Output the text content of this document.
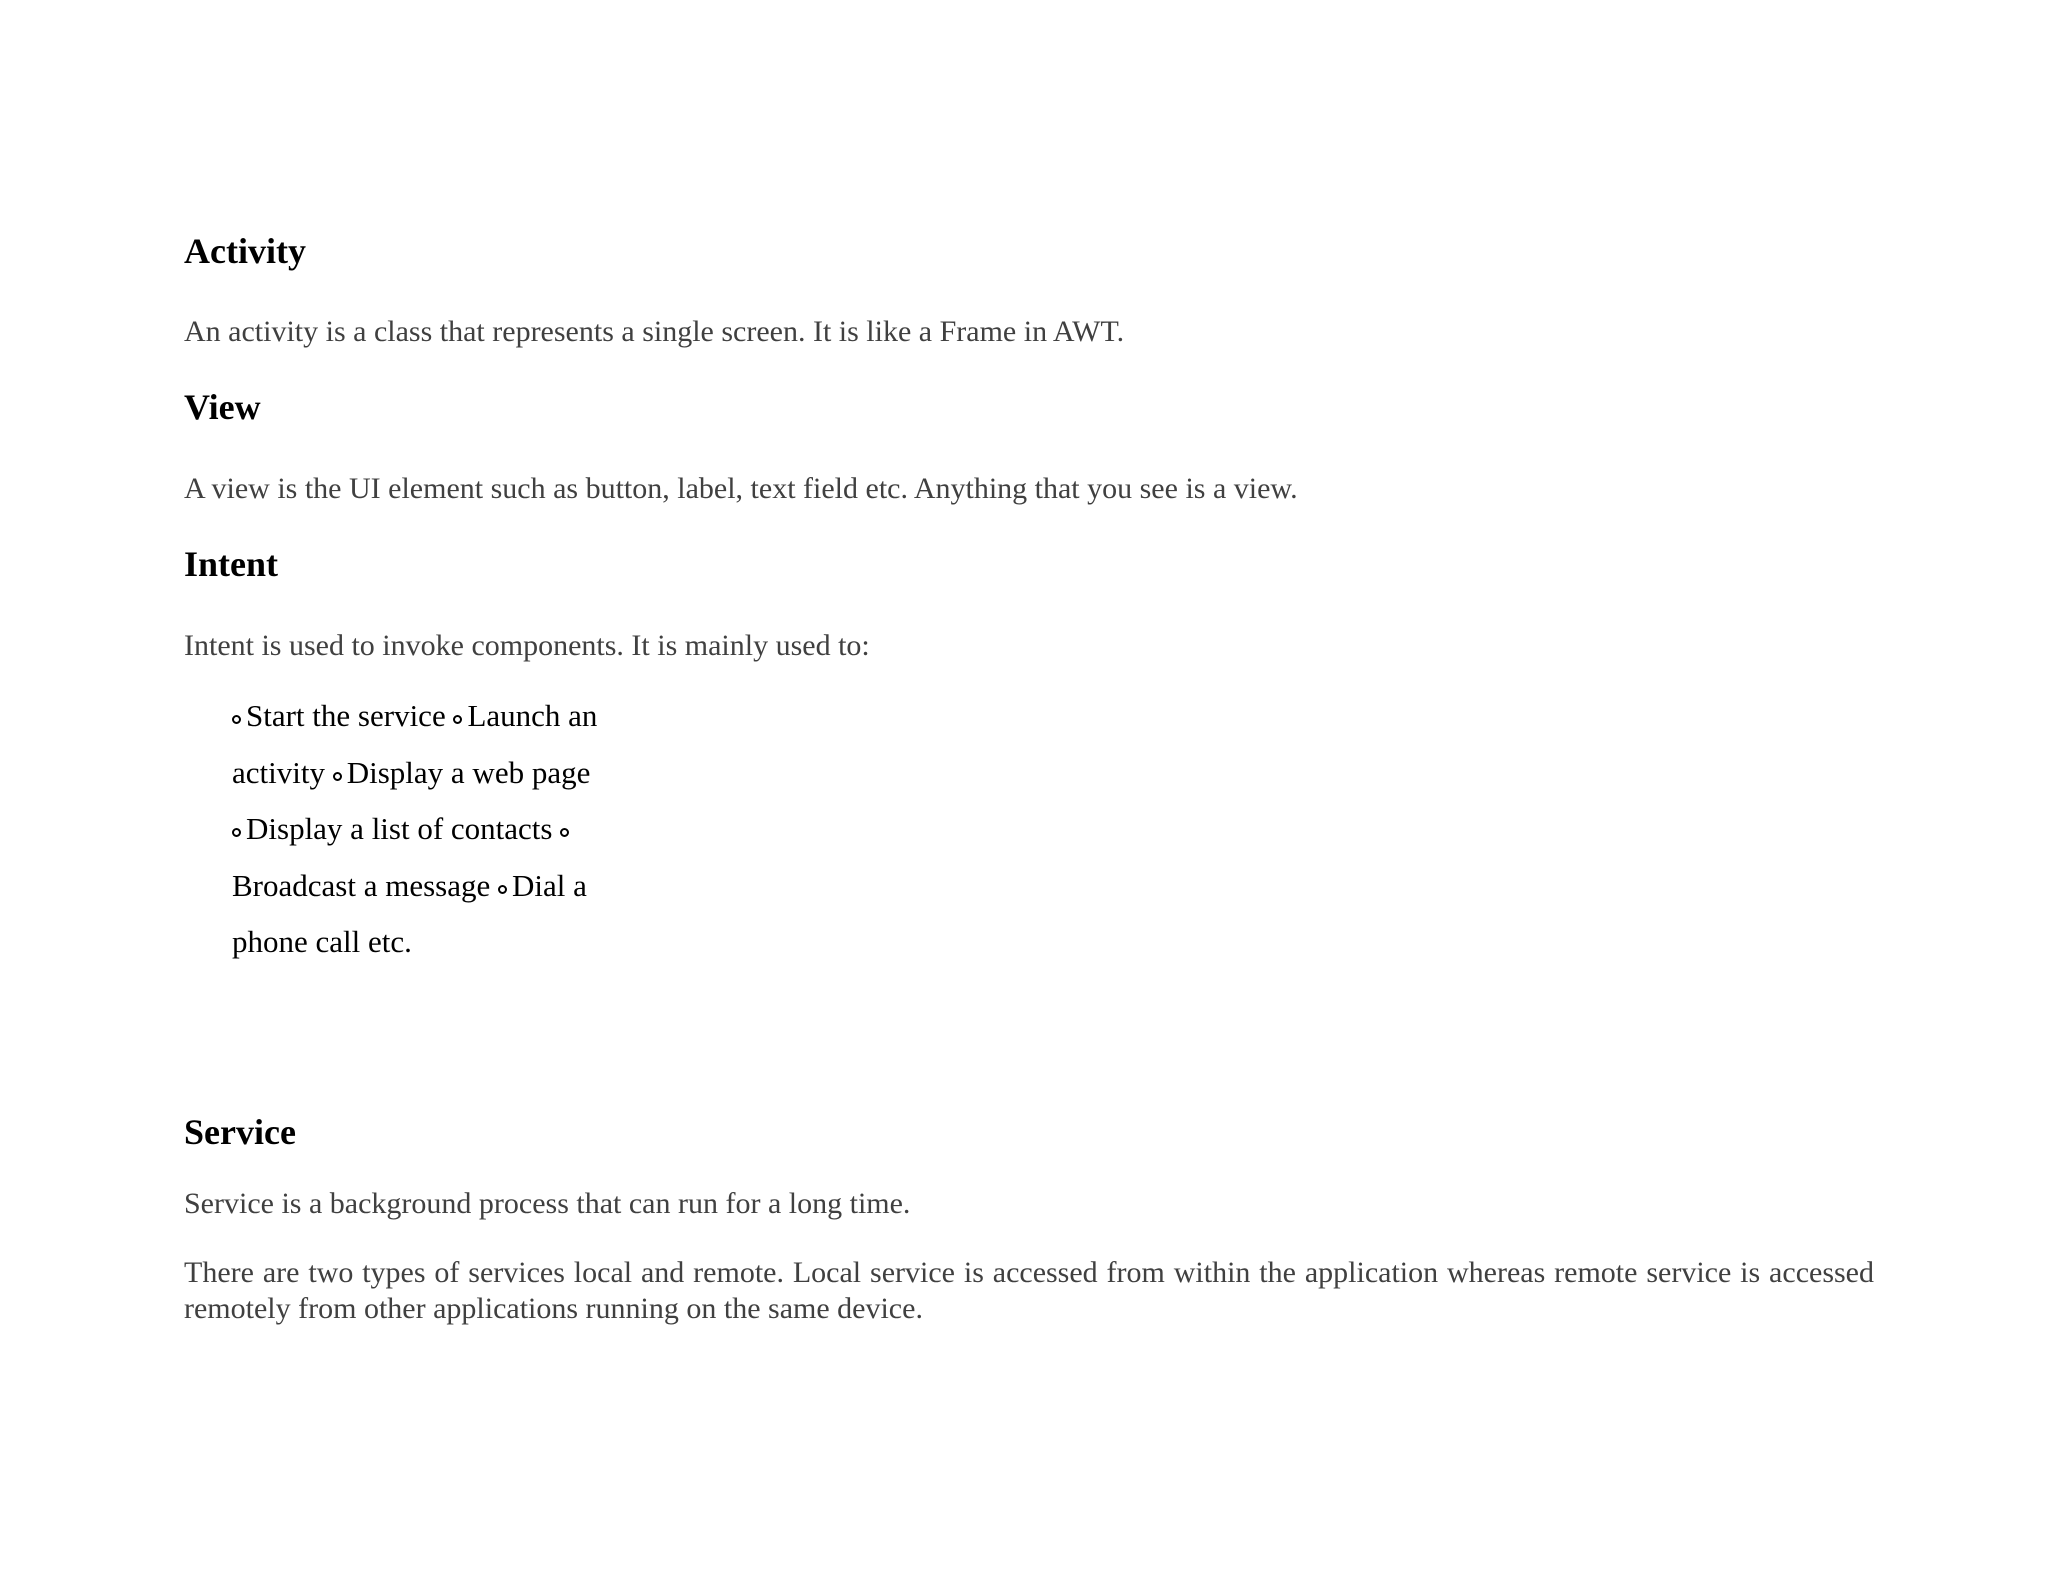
Activity

An activity is a class that represents a single screen. It is like a Frame in AWT.

View

A view is the UI element such as button, label, text field etc. Anything that you see is a view.

Intent

Intent is used to invoke components. It is mainly used to:

Start the service Launch an activity Display a web page Display a list of contacts Broadcast a message Dial a phone call etc.
Service

Service is a background process that can run for a long time.

There are two types of services local and remote. Local service is accessed from within the application whereas remote service is accessed remotely from other applications running on the same device.
